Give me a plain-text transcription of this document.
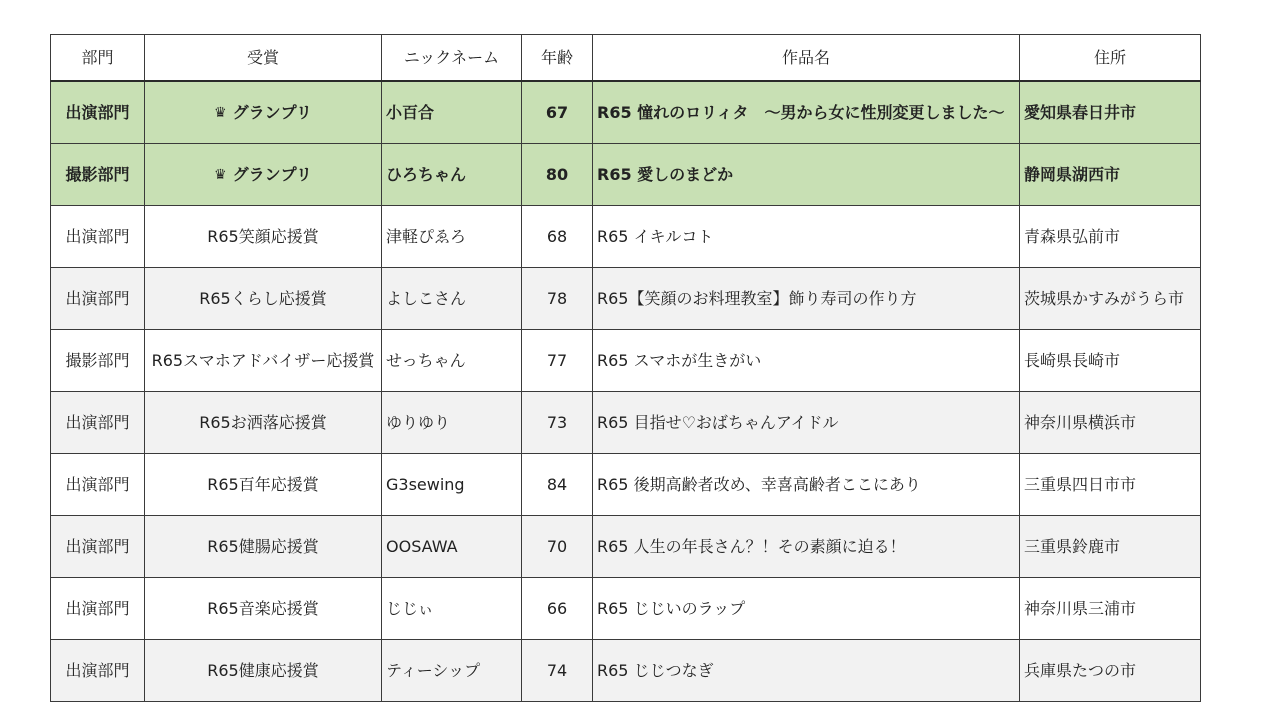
部門	受賞	ニックネーム	年齢	作品名	住所
出演部門	♛ グランプリ	小百合	67	R65 憧れのロリィタ　～男から女に性別変更しました～	愛知県春日井市
撮影部門	♛ グランプリ	ひろちゃん	80	R65 愛しのまどか	静岡県湖西市
出演部門	R65笑顔応援賞	津軽ぴゑろ	68	R65 イキルコト	青森県弘前市
出演部門	R65くらし応援賞	よしこさん	78	R65【笑顔のお料理教室】飾り寿司の作り方	茨城県かすみがうら市
撮影部門	R65スマホアドバイザー応援賞	せっちゃん	77	R65 スマホが生きがい	長崎県長崎市
出演部門	R65お洒落応援賞	ゆりゆり	73	R65 目指せ♡おばちゃんアイドル	神奈川県横浜市
出演部門	R65百年応援賞	G3sewing	84	R65 後期高齢者改め、幸喜高齢者ここにあり	三重県四日市市
出演部門	R65健腸応援賞	OOSAWA	70	R65 人生の年長さん？！その素顔に迫る！	三重県鈴鹿市
出演部門	R65音楽応援賞	じじぃ	66	R65 じじいのラップ	神奈川県三浦市
出演部門	R65健康応援賞	ティーシップ	74	R65 じじつなぎ	兵庫県たつの市
